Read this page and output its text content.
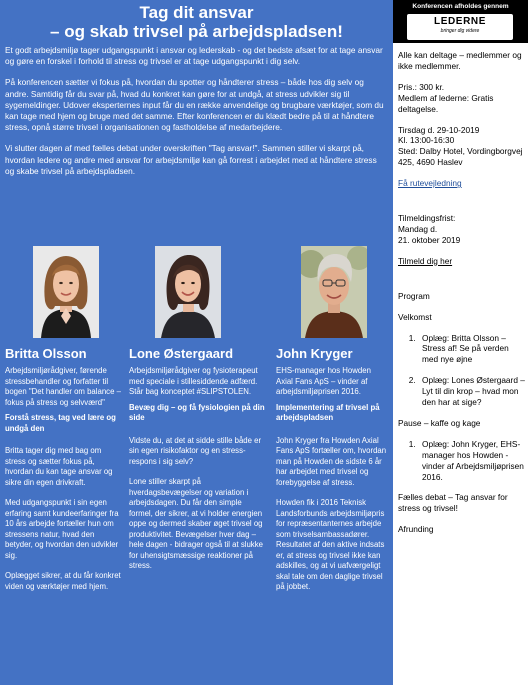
Tag dit ansvar
– og skab trivsel på arbejdspladsen!

Et godt arbejdsmiljø tager udgangspunkt i ansvar og lederskab - og det bedste afsæt for at tage ansvar og gøre en forskel i forhold til stress og trivsel er at tage udgangspunkt i dig selv.

På konferencen sætter vi fokus på, hvordan du spotter og håndterer stress – både hos dig selv og andre. Samtidig får du svar på, hvad du konkret kan gøre for at undgå, at stress udvikler sig til sygemeldinger. Udover eksperternes input får du en række anvendelige og brugbare værktøjer, som du kan tage med hjem og bruge med det samme. Efter konferencen er du klædt bedre på til at håndtere stress, opnå større trivsel i organisationen og fastholdelse af medarbejdere.

Vi slutter dagen af med fælles debat under overskriften "Tag ansvar!". Sammen stiller vi skarpt på, hvordan ledere og andre med ansvar for arbejdsmiljø kan gå forrest i arbejdet med at håndtere stress og skabe trivsel på arbejdspladsen.

Britta Olsson
Arbejdsmiljørådgiver, førende stressbehandler og forfatter til bogen "Det handler om balance – fokus på stress og selvværd"
Forstå stress, tag ved lære og undgå den

Britta tager dig med bag om stress og sætter fokus på, hvordan du kan tage ansvar og sikre din egen drivkraft.

Med udgangspunkt i sin egen erfaring samt kundeerfaringer fra 10 års arbejde fortæller hun om stressens natur, hvad den betyder, og hvordan den udvikler sig.

Oplægget sikrer, at du får konkret viden og værktøjer med hjem.

Lone Østergaard
Arbejdsmiljørådgiver og fysioterapeut med speciale i stillesiddende adfærd. Står bag konceptet #SLIPSTOLEN.
Bevæg dig – og få fysiologien på din side

Vidste du, at det at sidde stille både er sin egen risikofaktor og en stress-respons i sig selv?

Lone stiller skarpt på hverdagsbevægelser og variation i arbejdsdagen. Du får den simple formel, der sikrer, at vi holder energien oppe og dermed skaber øget trivsel og produktivitet. Bevægelser hver dag – hele dagen - bidrager også til at slukke for uhensigtsmæssige reaktioner på stress.

John Kryger
EHS-manager hos Howden Axial Fans ApS – vinder af arbejdsmiljøprisen 2016.
Implementering af trivsel på arbejdspladsen

John Kryger fra Howden Axial Fans ApS fortæller om, hvordan man på Howden de sidste 6 år har arbejdet med trivsel og forebyggelse af stress.

Howden fik i 2016 Teknisk Landsforbunds arbejdsmiljøpris for repræsentanternes arbejde som trivselsambassadører. Resultatet af den aktive indsats er, at stress og trivsel ikke kan adskilles, og at vi uafværgeligt skal tale om den daglige trivsel på jobbet.

Konferencen afholdes gennem
LEDERNE
bringer dig videre
Alle kan deltage – medlemmer og ikke medlemmer.
Pris.: 300 kr.
Medlem af lederne: Gratis deltagelse.
Tirsdag d. 29-10-2019
Kl. 13:00-16:30
Sted: Dalby Hotel, Vordingborgvej 425, 4690 Haslev
Få rutevejledning
Tilmeldingsfrist:
Mandag d.
21. oktober 2019
Tilmeld dig her
Program
Velkomst
1. Oplæg: Britta Olsson – Stress af! Se på verden med nye øjne
2. Oplæg: Lones Østergaard – Lyt til din krop – hvad mon den har at sige?
Pause – kaffe og kage
1. Oplæg: John Kryger, EHS-manager hos Howden - vinder af Arbejdsmiljøprisen 2016.
Fælles debat – Tag ansvar for stress og trivsel!
Afrunding
